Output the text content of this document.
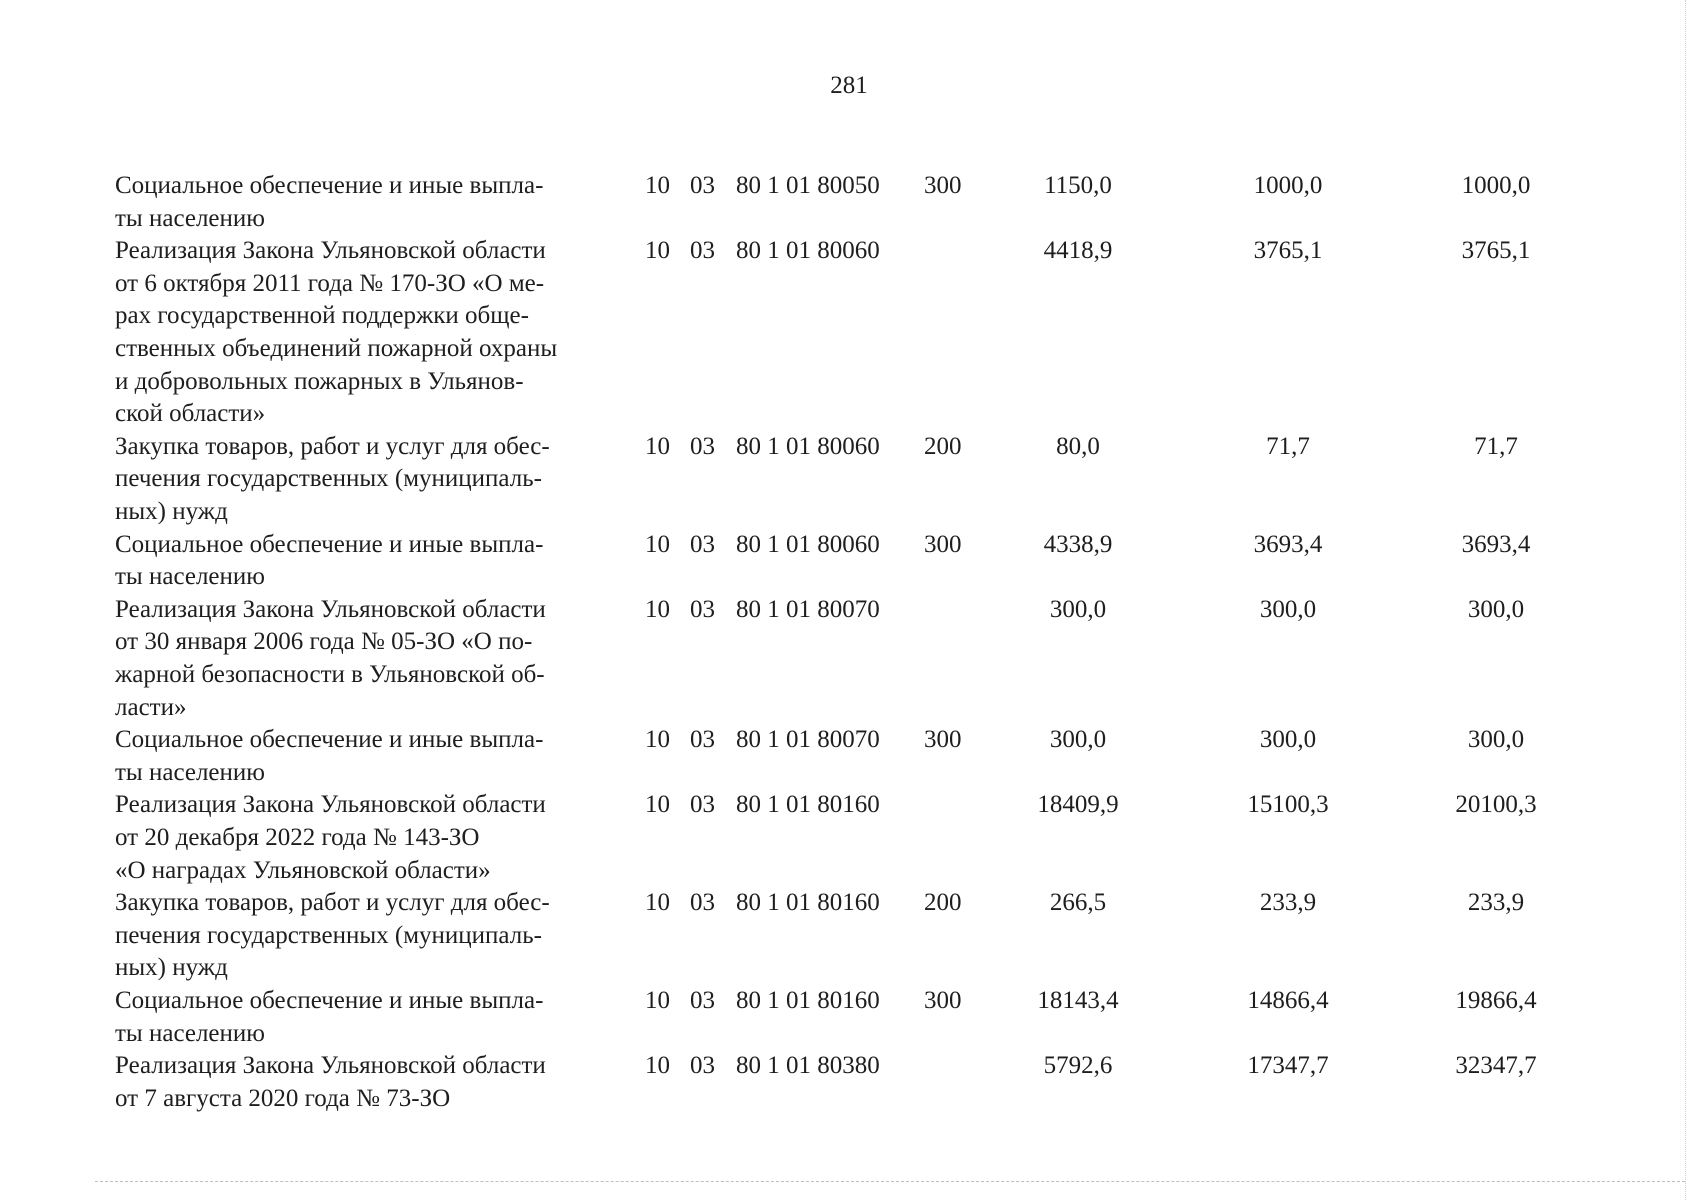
281
Социальное обеспечение и иные выпла-
ты населению
10 03 80 1 01 80050 300	1150,0	1000,0	1000,0
Реализация Закона Ульяновской области
от 6 октября 2011 года № 170-ЗО «О ме-
рах государственной поддержки обще-
ственных объединений пожарной охраны
и добровольных пожарных в Ульянов-
ской области»
10 03 80 1 01 80060	4418,9	3765,1	3765,1
Закупка товаров, работ и услуг для обес-
печения государственных (муниципаль-
ных) нужд
10 03 80 1 01 80060 200	80,0	71,7	71,7
Социальное обеспечение и иные выпла-
ты населению
10 03 80 1 01 80060 300	4338,9	3693,4	3693,4
Реализация Закона Ульяновской области
от 30 января 2006 года № 05-ЗО «О по-
жарной безопасности в Ульяновской об-
ласти»
10 03 80 1 01 80070	300,0	300,0	300,0
Социальное обеспечение и иные выпла-
ты населению
10 03 80 1 01 80070 300	300,0	300,0	300,0
Реализация Закона Ульяновской области
от 20 декабря 2022 года № 143-ЗО
«О наградах Ульяновской области»
10 03 80 1 01 80160	18409,9	15100,3	20100,3
Закупка товаров, работ и услуг для обес-
печения государственных (муниципаль-
ных) нужд
10 03 80 1 01 80160 200	266,5	233,9	233,9
Социальное обеспечение и иные выпла-
ты населению
10 03 80 1 01 80160 300	18143,4	14866,4	19866,4
Реализация Закона Ульяновской области
от 7 августа 2020 года № 73-ЗО
10 03 80 1 01 80380	5792,6	17347,7	32347,7
